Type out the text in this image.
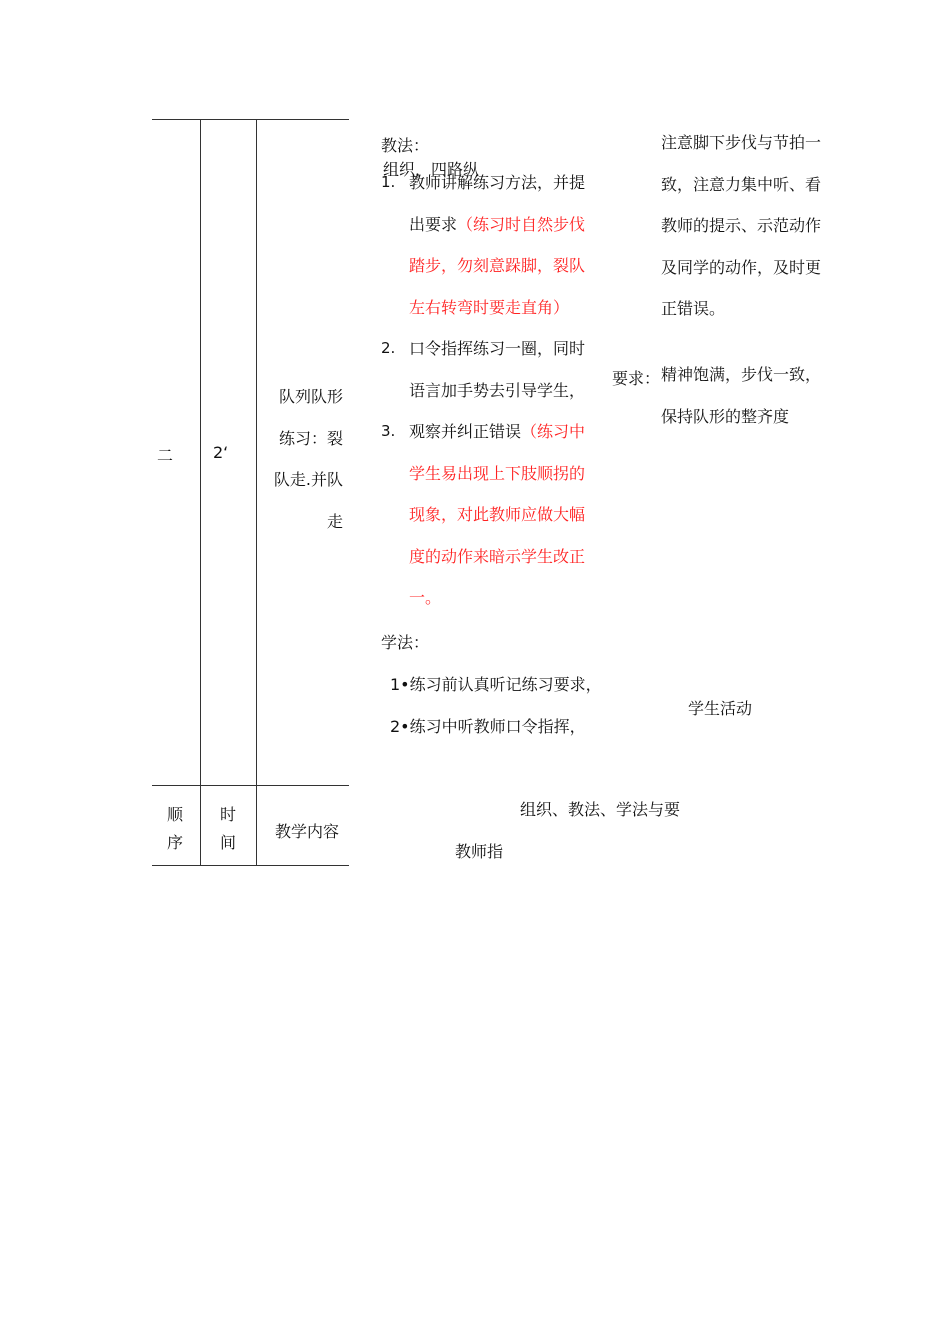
二 2‘
队列队形
练习：裂
队走.并队
走
教法：
组织，四路纵
1. 教师讲解练习方法，并提
出要求（练习时自然步伐
踏步，勿刻意跺脚，裂队
左右转弯时要走直角）
2. 口令指挥练习一圈，同时
语言加手势去引导学生，
3. 观察并纠正错误（练习中
学生易出现上下肢顺拐的
现象，对此教师应做大幅
度的动作来暗示学生改正
一。
学法：
1•练习前认真听记练习要求，
2•练习中听教师口令指挥，
注意脚下步伐与节拍一
致，注意力集中听、看
教师的提示、示范动作
及同学的动作，及时更
正错误。
要求： 精神饱满，步伐一致，
保持队形的整齐度
学生活动
顺
序
时
间
教学内容
组织、教法、学法与要
教师指
